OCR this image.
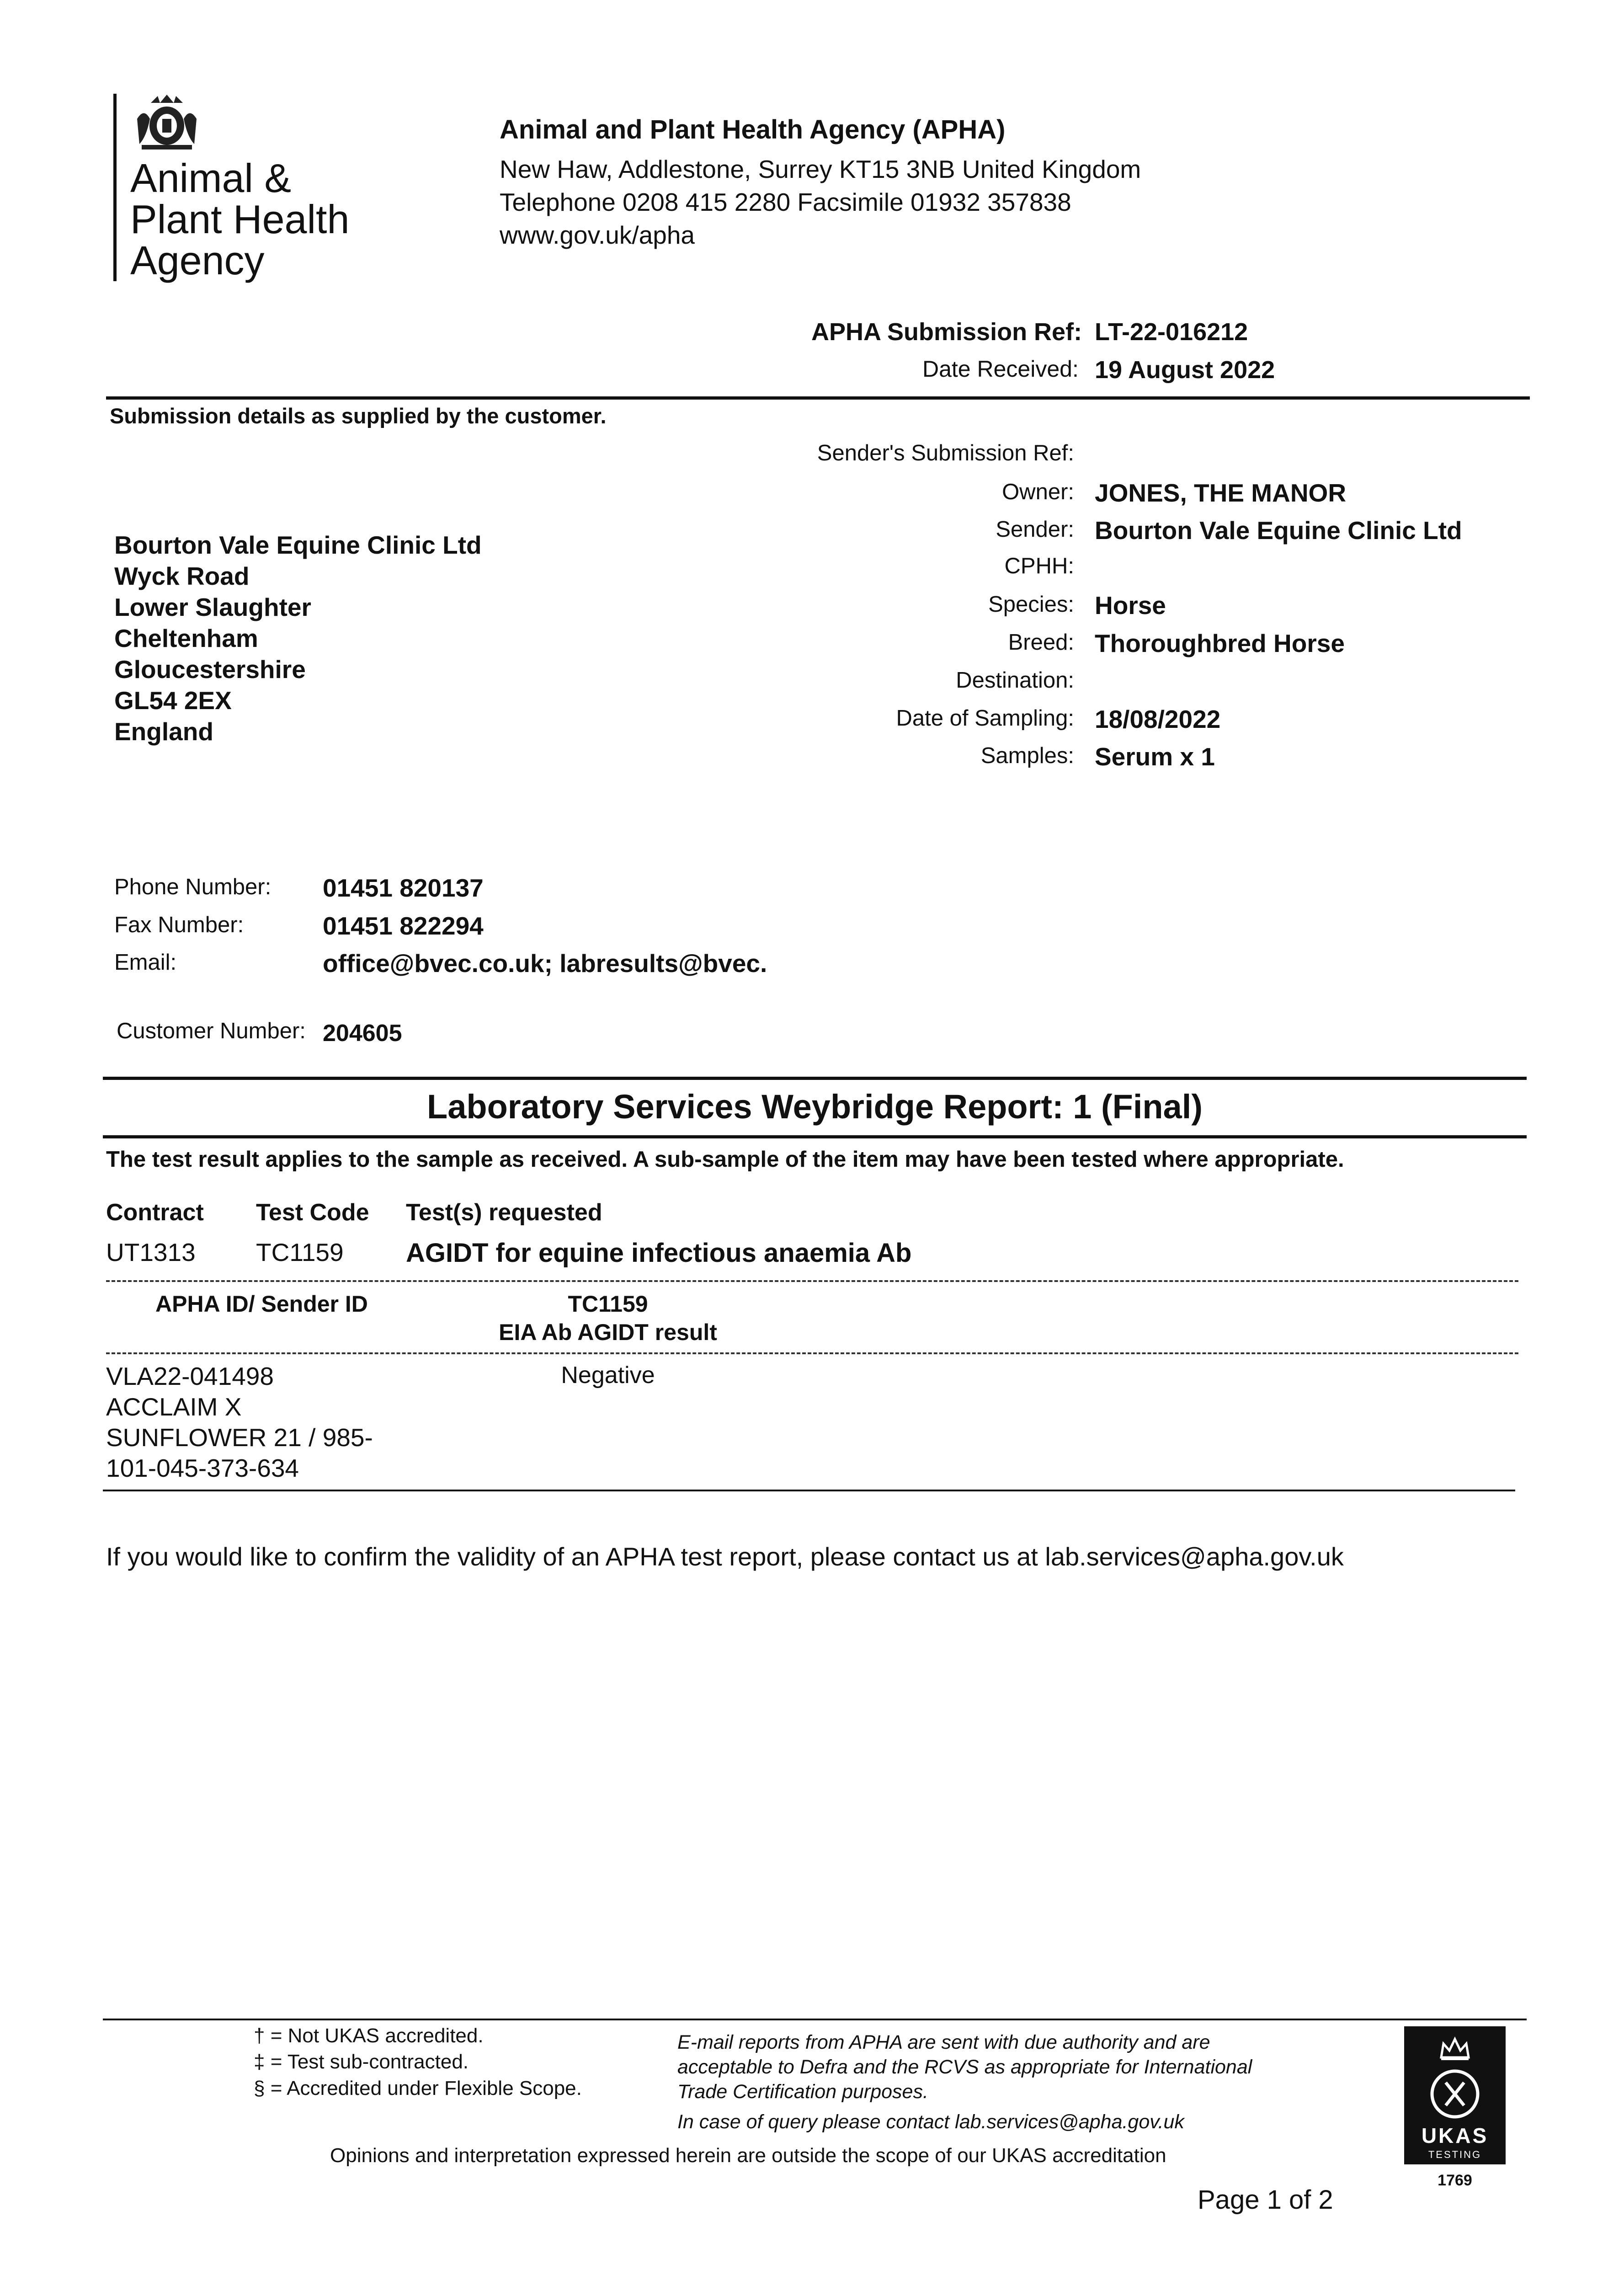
Animal &
Plant Health
Agency
Animal and Plant Health Agency (APHA)
New Haw, Addlestone, Surrey KT15 3NB United Kingdom
Telephone 0208 415 2280 Facsimile 01932 357838
www.gov.uk/apha
APHA Submission Ref: LT-22-016212
Date Received: 19 August 2022
Submission details as supplied by the customer.
Sender's Submission Ref:
Owner: JONES, THE MANOR
Sender: Bourton Vale Equine Clinic Ltd
CPHH:
Species: Horse
Breed: Thoroughbred Horse
Destination:
Date of Sampling: 18/08/2022
Samples: Serum x 1
Bourton Vale Equine Clinic Ltd
Wyck Road
Lower Slaughter
Cheltenham
Gloucestershire
GL54 2EX
England
Phone Number: 01451 820137
Fax Number:	01451 822294
Email:	office@bvec.co.uk; labresults@bvec.
Customer Number: 204605
Laboratory Services Weybridge Report: 1 (Final)
The test result applies to the sample as received. A sub-sample of the item may have been tested where appropriate.
Contract Test Code Test(s) requested
UT1313 TC1159 AGIDT for equine infectious anaemia Ab
APHA ID/ Sender ID	TC1159
EIA Ab AGIDT result
VLA22-041498
ACCLAIM X
SUNFLOWER 21 / 985-
101-045-373-634
Negative
If you would like to confirm the validity of an APHA test report, please contact us at lab.services@apha.gov.uk
† = Not UKAS accredited.
‡ = Test sub-contracted.
§ = Accredited under Flexible Scope.
E-mail reports from APHA are sent with due authority and are
acceptable to Defra and the RCVS as appropriate for International
Trade Certification purposes.
In case of query please contact lab.services@apha.gov.uk
Opinions and interpretation expressed herein are outside the scope of our UKAS accreditation
Page 1 of 2
UKAS
TESTING
1769
